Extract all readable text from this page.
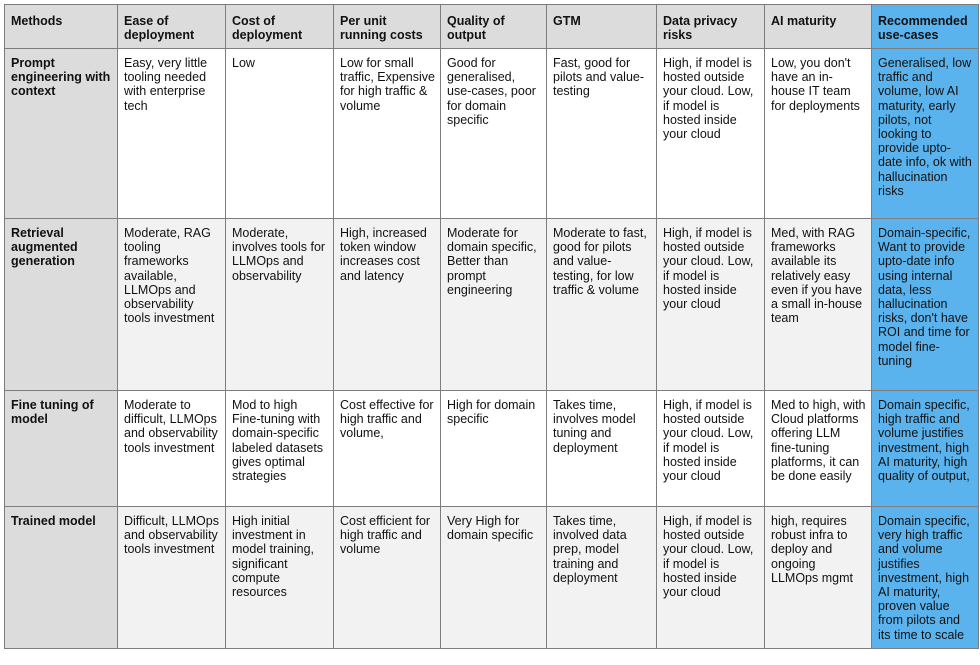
Methods	Ease of deployment	Cost of deployment	Per unit running costs	Quality of output	GTM	Data privacy risks	AI maturity	Recommended use-cases
Prompt engineering with context	Easy, very little tooling needed with enterprise tech	Low	Low for small traffic, Expensive for high traffic & volume	Good for generalised, use-cases, poor for domain specific	Fast, good for pilots and value-testing	High, if model is hosted outside your cloud. Low, if model is hosted inside your cloud	Low, you don't have an in-house IT team for deployments	Generalised, low traffic and volume, low AI maturity, early pilots, not looking to provide upto-date info, ok with hallucination risks
Retrieval augmented generation	Moderate, RAG tooling frameworks available, LLMOps and observability tools investment	Moderate, involves tools for LLMOps and observability	High, increased token window increases cost and latency	Moderate for domain specific, Better than prompt engineering	Moderate to fast, good for pilots and value-testing, for low traffic & volume	High, if model is hosted outside your cloud. Low, if model is hosted inside your cloud	Med, with RAG frameworks available its relatively easy even if you have a small in-house team	Domain-specific, Want to provide upto-date info using internal data, less hallucination risks, don't have ROI and time for model fine-tuning
Fine tuning of model	Moderate to difficult, LLMOps and observability tools investment	Mod to high Fine-tuning with domain-specific labeled datasets gives optimal strategies	Cost effective for high traffic and volume,	High for domain specific	Takes time, involves model tuning and deployment	High, if model is hosted outside your cloud. Low, if model is hosted inside your cloud	Med to high, with Cloud platforms offering LLM fine-tuning platforms, it can be done easily	Domain specific, high traffic and volume justifies investment, high AI maturity, high quality of output,
Trained model	Difficult, LLMOps and observability tools investment	High initial investment in model training, significant compute resources	Cost efficient for high traffic and volume	Very High for domain specific	Takes time, involved data prep, model training and deployment	High, if model is hosted outside your cloud. Low, if model is hosted inside your cloud	high, requires robust infra to deploy and ongoing LLMOps mgmt	Domain specific, very high traffic and volume justifies investment, high AI maturity, proven value from pilots and its time to scale
